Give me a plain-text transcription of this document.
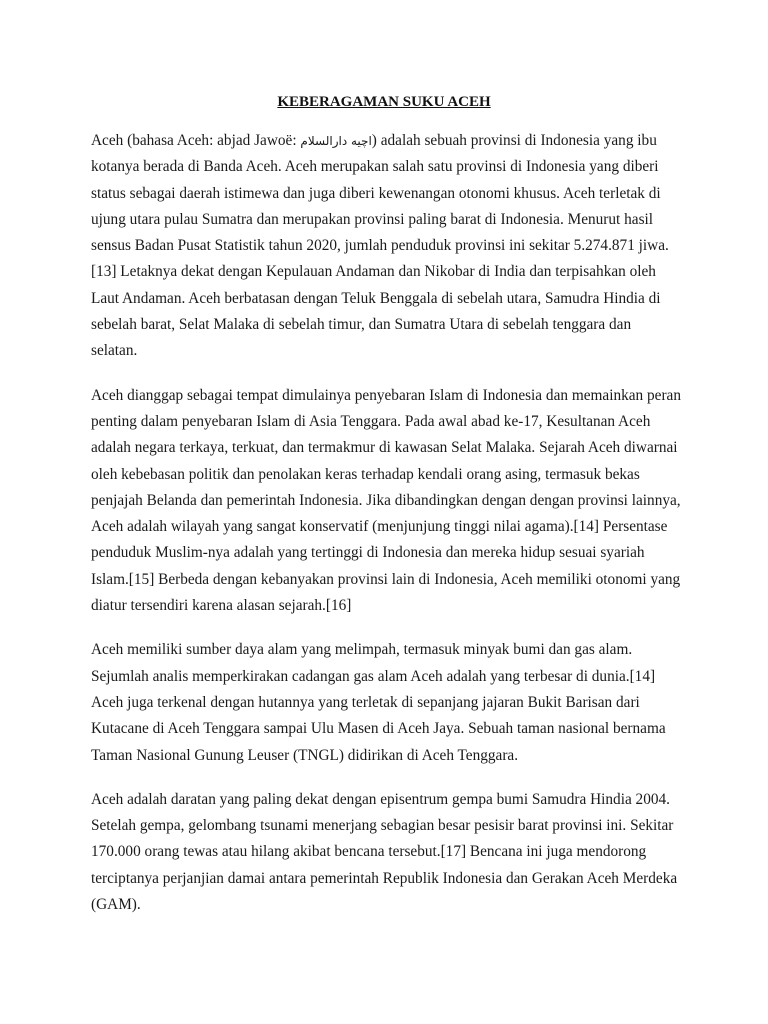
KEBERAGAMAN SUKU ACEH

Aceh (bahasa Aceh: abjad Jawoë: اچيه دارالسلام) adalah sebuah provinsi di Indonesia yang ibu kotanya berada di Banda Aceh. Aceh merupakan salah satu provinsi di Indonesia yang diberi status sebagai daerah istimewa dan juga diberi kewenangan otonomi khusus. Aceh terletak di ujung utara pulau Sumatra dan merupakan provinsi paling barat di Indonesia. Menurut hasil sensus Badan Pusat Statistik tahun 2020, jumlah penduduk provinsi ini sekitar 5.274.871 jiwa.[13] Letaknya dekat dengan Kepulauan Andaman dan Nikobar di India dan terpisahkan oleh Laut Andaman. Aceh berbatasan dengan Teluk Benggala di sebelah utara, Samudra Hindia di sebelah barat, Selat Malaka di sebelah timur, dan Sumatra Utara di sebelah tenggara dan selatan.

Aceh dianggap sebagai tempat dimulainya penyebaran Islam di Indonesia dan memainkan peran penting dalam penyebaran Islam di Asia Tenggara. Pada awal abad ke-17, Kesultanan Aceh adalah negara terkaya, terkuat, dan termakmur di kawasan Selat Malaka. Sejarah Aceh diwarnai oleh kebebasan politik dan penolakan keras terhadap kendali orang asing, termasuk bekas penjajah Belanda dan pemerintah Indonesia. Jika dibandingkan dengan dengan provinsi lainnya, Aceh adalah wilayah yang sangat konservatif (menjunjung tinggi nilai agama).[14] Persentase penduduk Muslim-nya adalah yang tertinggi di Indonesia dan mereka hidup sesuai syariah Islam.[15] Berbeda dengan kebanyakan provinsi lain di Indonesia, Aceh memiliki otonomi yang diatur tersendiri karena alasan sejarah.[16]

Aceh memiliki sumber daya alam yang melimpah, termasuk minyak bumi dan gas alam. Sejumlah analis memperkirakan cadangan gas alam Aceh adalah yang terbesar di dunia.[14] Aceh juga terkenal dengan hutannya yang terletak di sepanjang jajaran Bukit Barisan dari Kutacane di Aceh Tenggara sampai Ulu Masen di Aceh Jaya. Sebuah taman nasional bernama Taman Nasional Gunung Leuser (TNGL) didirikan di Aceh Tenggara.

Aceh adalah daratan yang paling dekat dengan episentrum gempa bumi Samudra Hindia 2004. Setelah gempa, gelombang tsunami menerjang sebagian besar pesisir barat provinsi ini. Sekitar 170.000 orang tewas atau hilang akibat bencana tersebut.[17] Bencana ini juga mendorong terciptanya perjanjian damai antara pemerintah Republik Indonesia dan Gerakan Aceh Merdeka (GAM).
